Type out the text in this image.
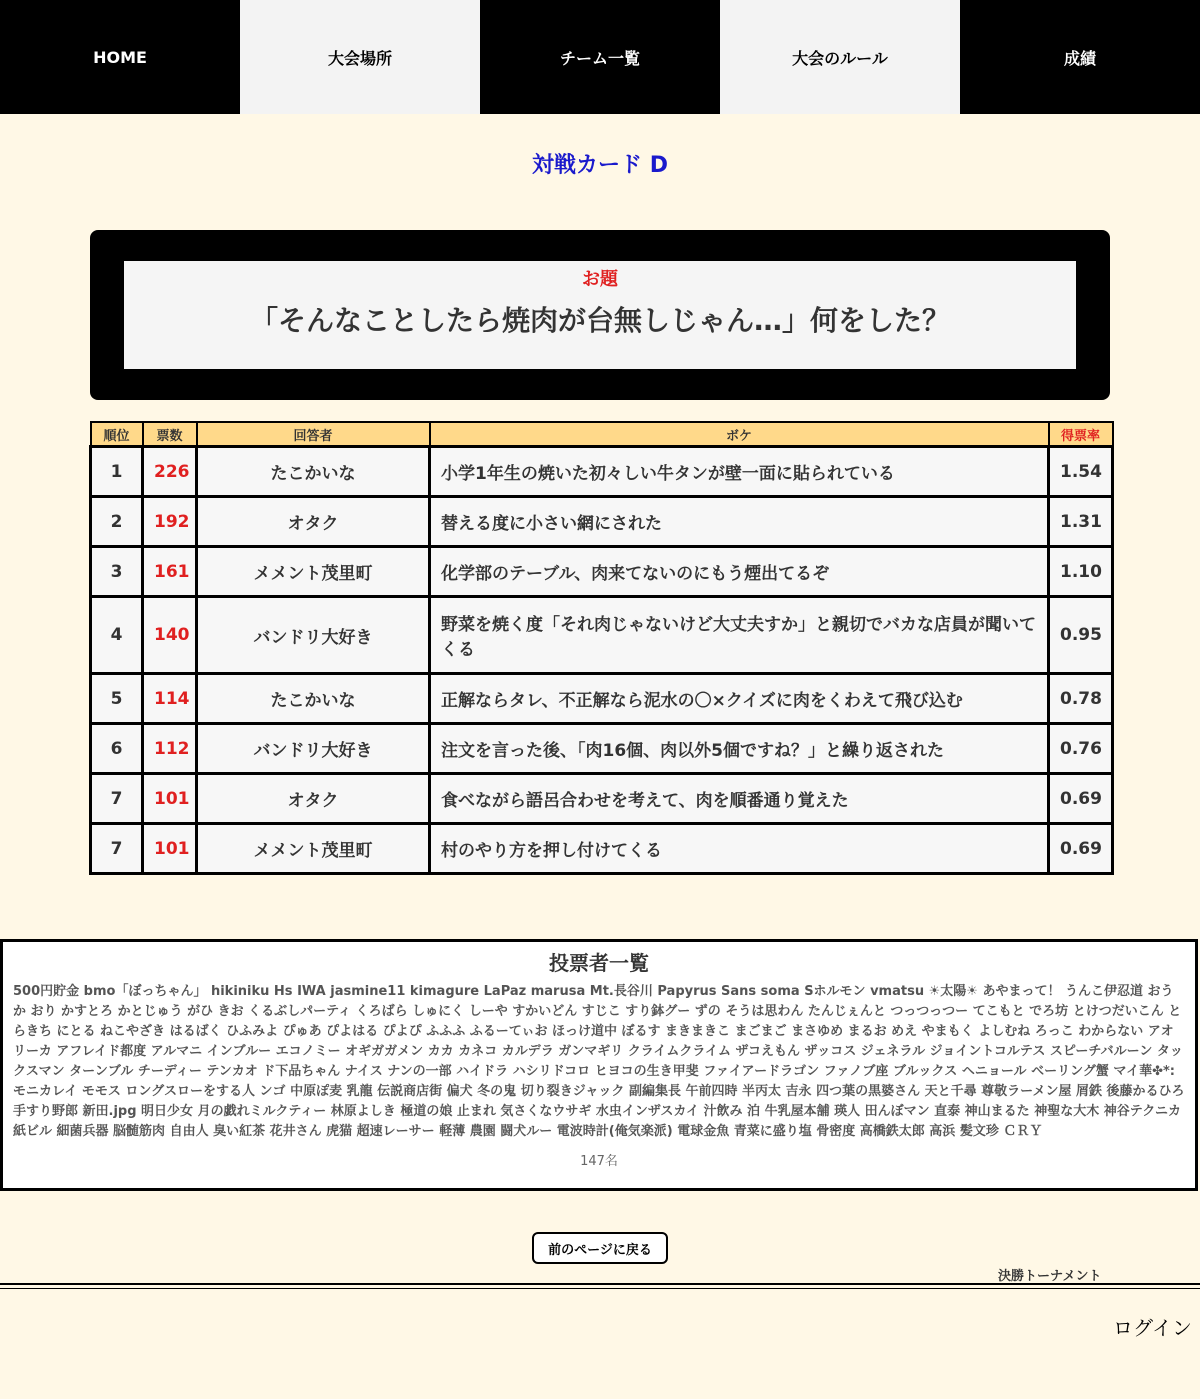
HOME	大会場所	チーム一覧	大会のルール	成績
対戦カード D
お題
「そんなことしたら焼肉が台無しじゃん…」何をした？
順位	票数	回答者	ボケ	得票率
1	226	たこかいな	小学1年生の焼いた初々しい牛タンが壁一面に貼られている	1.54
2	192	オタク	替える度に小さい網にされた	1.31
3	161	メメント茂里町	化学部のテーブル、肉来てないのにもう煙出てるぞ	1.10
4	140	バンドリ大好き	野菜を焼く度「それ肉じゃないけど大丈夫すか」と親切でバカな店員が聞いてくる	0.95
5	114	たこかいな	正解ならタレ、不正解なら泥水の〇×クイズに肉をくわえて飛び込む	0.78
6	112	バンドリ大好き	注文を言った後、「肉16個、肉以外5個ですね？」と繰り返された	0.76
7	101	オタク	食べながら語呂合わせを考えて、肉を順番通り覚えた	0.69
7	101	メメント茂里町	村のやり方を押し付けてくる	0.69
投票者一覧
500円貯金 bmo「ぼっちゃん」 hikiniku Hs IWA jasmine11 kimagure LaPaz marusa Mt.長谷川 Papyrus Sans soma Sホルモン vmatsu ☀太陽☀ あやまって！ うんこ伊忍道 おうか おり かすとろ かとじゅう がひ きお くるぶしパーティ くろばら しゅにく しーや すかいどん すじこ すり鉢グー ずの そうは思わん たんじぇんと つっつっつー てこもと でろ坊 とけつだいこん とらきち にとる ねこやざき はるばく ひふみよ ぴゅあ ぴよはる ぴよぴ ふふふ ふるーてぃお ほっけ道中 ぼるす まきまきこ まごまご まさゆめ まるお めえ やまもく よしむね ろっこ わからない アオリーカ アフレイド都度 アルマニ インブルー エコノミー オギガガメン カカ カネコ カルデラ ガンマギリ クライムクライム ザコえもん ザッコス ジェネラル ジョイントコルテス スピーチバルーン タックスマン ターンブル チーディー テンカオ ド下品ちゃん ナイス ナンの一部 ハイドラ ハシリドコロ ヒヨコの生き甲斐 ファイアードラゴン ファノブ座 ブルックス ヘニョール ベーリング蟹 マイ華✤*: モニカレイ モモス ロングスローをする人 ンゴ 中原ぽ麦 乳龍 伝説商店街 偏犬 冬の鬼 切り裂きジャック 副編集長 午前四時 半丙太 吉永 四つ葉の黒婆さん 天と千尋 尊敬ラーメン屋 屑鉄 後藤かるひろ 手すり野郎 新田.jpg 明日少女 月の戯れミルクティー 林原よしき 極道の娘 止まれ 気さくなウサギ 水虫インザスカイ 汁飲み 泊 牛乳屋本舗 瑛人 田んぼマン 直泰 神山まるた 神聖な大木 神谷テクニカ 紙ビル 細菌兵器 脳髄筋肉 自由人 臭い紅茶 花井さん 虎猫 超速レーサー 軽薄 農園 闘犬ルー 電波時計(俺気楽派) 電球金魚 青菜に盛り塩 骨密度 高橋鉄太郎 高浜 髪文珍 ＣＲＹ
147名
前のページに戻る
決勝トーナメント
ログイン
